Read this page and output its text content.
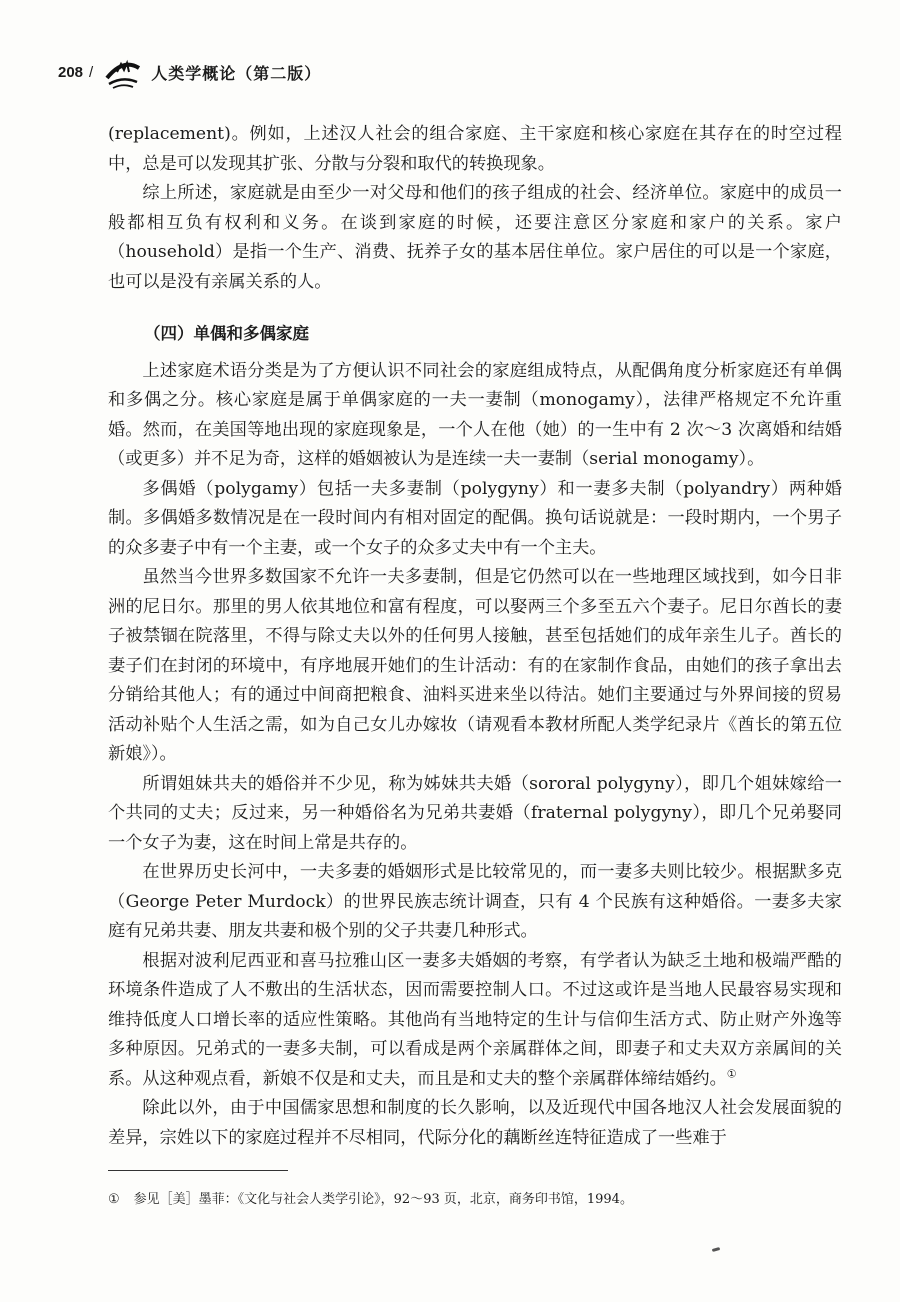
208 /	人类学概论（第二版）

(replacement)。例如，上述汉人社会的组合家庭、主干家庭和核心家庭在其存在的时空过程中，总是可以发现其扩张、分散与分裂和取代的转换现象。

综上所述，家庭就是由至少一对父母和他们的孩子组成的社会、经济单位。家庭中的成员一般都相互负有权利和义务。在谈到家庭的时候，还要注意区分家庭和家户的关系。家户（household）是指一个生产、消费、抚养子女的基本居住单位。家户居住的可以是一个家庭，也可以是没有亲属关系的人。

（四）单偶和多偶家庭

上述家庭术语分类是为了方便认识不同社会的家庭组成特点，从配偶角度分析家庭还有单偶和多偶之分。核心家庭是属于单偶家庭的一夫一妻制（monogamy），法律严格规定不允许重婚。然而，在美国等地出现的家庭现象是，一个人在他（她）的一生中有 2 次～3 次离婚和结婚（或更多）并不足为奇，这样的婚姻被认为是连续一夫一妻制（serial monogamy）。

多偶婚（polygamy）包括一夫多妻制（polygyny）和一妻多夫制（polyandry）两种婚制。多偶婚多数情况是在一段时间内有相对固定的配偶。换句话说就是：一段时期内，一个男子的众多妻子中有一个主妻，或一个女子的众多丈夫中有一个主夫。

虽然当今世界多数国家不允许一夫多妻制，但是它仍然可以在一些地理区域找到，如今日非洲的尼日尔。那里的男人依其地位和富有程度，可以娶两三个多至五六个妻子。尼日尔酋长的妻子被禁锢在院落里，不得与除丈夫以外的任何男人接触，甚至包括她们的成年亲生儿子。酋长的妻子们在封闭的环境中，有序地展开她们的生计活动：有的在家制作食品，由她们的孩子拿出去分销给其他人；有的通过中间商把粮食、油料买进来坐以待沽。她们主要通过与外界间接的贸易活动补贴个人生活之需，如为自己女儿办嫁妆（请观看本教材所配人类学纪录片《酋长的第五位新娘》）。

所谓姐妹共夫的婚俗并不少见，称为姊妹共夫婚（sororal polygyny），即几个姐妹嫁给一个共同的丈夫；反过来，另一种婚俗名为兄弟共妻婚（fraternal polygyny），即几个兄弟娶同一个女子为妻，这在时间上常是共存的。

在世界历史长河中，一夫多妻的婚姻形式是比较常见的，而一妻多夫则比较少。根据默多克（George Peter Murdock）的世界民族志统计调查，只有 4 个民族有这种婚俗。一妻多夫家庭有兄弟共妻、朋友共妻和极个别的父子共妻几种形式。

根据对波利尼西亚和喜马拉雅山区一妻多夫婚姻的考察，有学者认为缺乏土地和极端严酷的环境条件造成了人不敷出的生活状态，因而需要控制人口。不过这或许是当地人民最容易实现和维持低度人口增长率的适应性策略。其他尚有当地特定的生计与信仰生活方式、防止财产外逸等多种原因。兄弟式的一妻多夫制，可以看成是两个亲属群体之间，即妻子和丈夫双方亲属间的关系。从这种观点看，新娘不仅是和丈夫，而且是和丈夫的整个亲属群体缔结婚约。①

除此以外，由于中国儒家思想和制度的长久影响，以及近现代中国各地汉人社会发展面貌的差异，宗姓以下的家庭过程并不尽相同，代际分化的藕断丝连特征造成了一些难于

① 参见［美］墨菲：《文化与社会人类学引论》，92～93 页，北京，商务印书馆，1994。
